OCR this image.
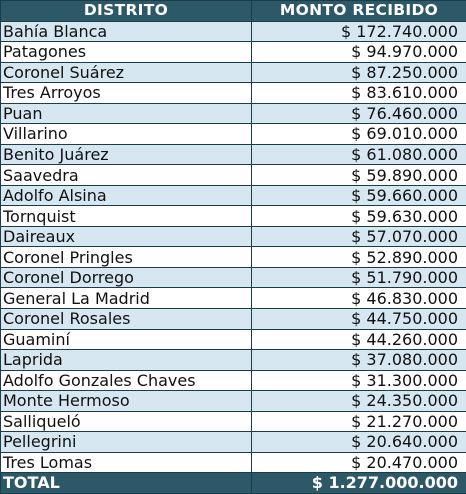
DISTRITO	MONTO RECIBIDO
Bahía Blanca	$ 172.740.000
Patagones	$ 94.970.000
Coronel Suárez	$ 87.250.000
Tres Arroyos	$ 83.610.000
Puan	$ 76.460.000
Villarino	$ 69.010.000
Benito Juárez	$ 61.080.000
Saavedra	$ 59.890.000
Adolfo Alsina	$ 59.660.000
Tornquist	$ 59.630.000
Daireaux	$ 57.070.000
Coronel Pringles	$ 52.890.000
Coronel Dorrego	$ 51.790.000
General La Madrid	$ 46.830.000
Coronel Rosales	$ 44.750.000
Guaminí	$ 44.260.000
Laprida	$ 37.080.000
Adolfo Gonzales Chaves	$ 31.300.000
Monte Hermoso	$ 24.350.000
Salliqueló	$ 21.270.000
Pellegrini	$ 20.640.000
Tres Lomas	$ 20.470.000
TOTAL	$ 1.277.000.000
